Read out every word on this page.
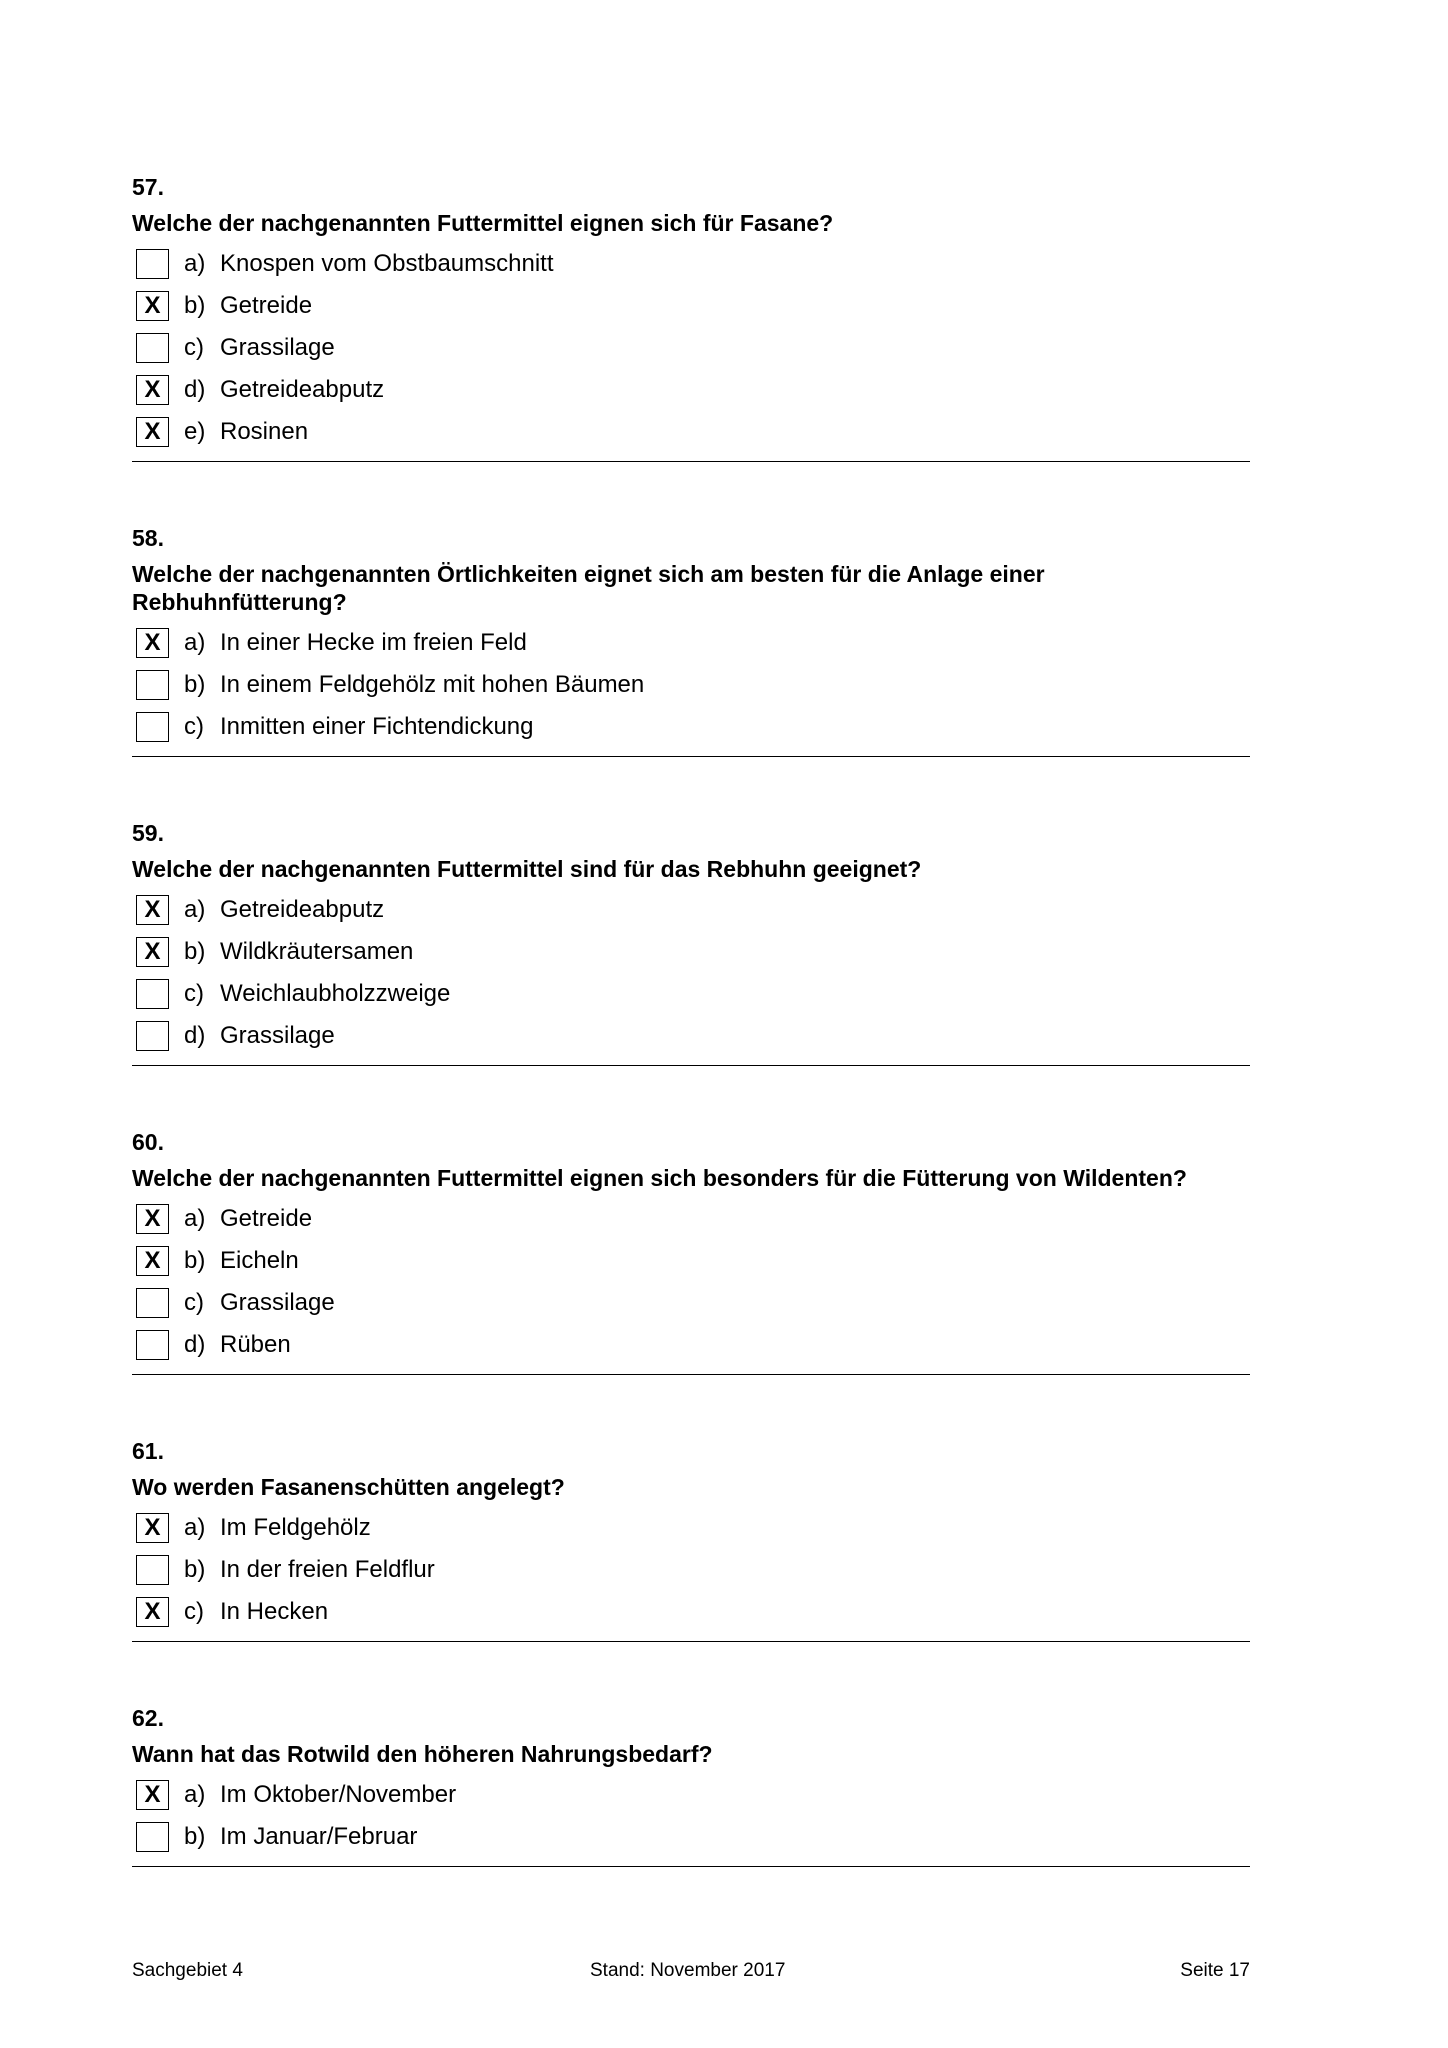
57.
Welche der nachgenannten Futtermittel eignen sich für Fasane?
a) Knospen vom Obstbaumschnitt
X b) Getreide
c) Grassilage
X d) Getreideabputz
X e) Rosinen
58.
Welche der nachgenannten Örtlichkeiten eignet sich am besten für die Anlage einer Rebhuhnfütterung?
X a) In einer Hecke im freien Feld
b) In einem Feldgehölz mit hohen Bäumen
c) Inmitten einer Fichtendickung
59.
Welche der nachgenannten Futtermittel sind für das Rebhuhn geeignet?
X a) Getreideabputz
X b) Wildkräutersamen
c) Weichlaubholzzweige
d) Grassilage
60.
Welche der nachgenannten Futtermittel eignen sich besonders für die Fütterung von Wildenten?
X a) Getreide
X b) Eicheln
c) Grassilage
d) Rüben
61.
Wo werden Fasanenschütten angelegt?
X a) Im Feldgehölz
b) In der freien Feldflur
X c) In Hecken
62.
Wann hat das Rotwild den höheren Nahrungsbedarf?
X a) Im Oktober/November
b) Im Januar/Februar
Sachgebiet 4	Stand: November 2017	Seite 17
